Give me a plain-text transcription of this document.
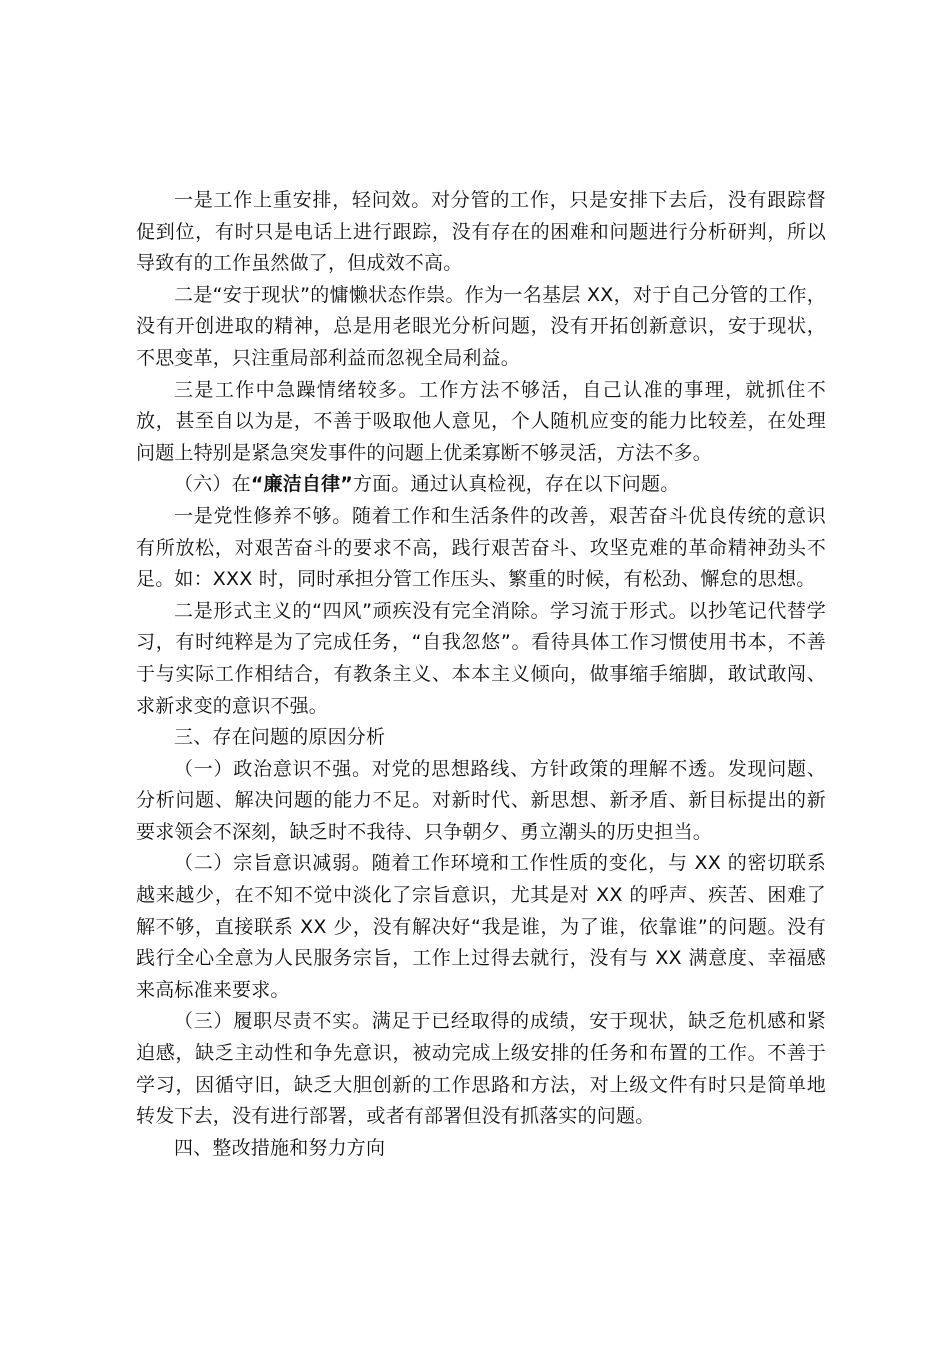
一是工作上重安排，轻问效。对分管的工作，只是安排下去后，没有跟踪督促到位，有时只是电话上进行跟踪，没有存在的困难和问题进行分析研判，所以导致有的工作虽然做了，但成效不高。

二是“安于现状”的慵懒状态作祟。作为一名基层 XX，对于自己分管的工作，没有开创进取的精神，总是用老眼光分析问题，没有开拓创新意识，安于现状，不思变革，只注重局部利益而忽视全局利益。

三是工作中急躁情绪较多。工作方法不够活，自己认准的事理，就抓住不放，甚至自以为是，不善于吸取他人意见，个人随机应变的能力比较差，在处理问题上特别是紧急突发事件的问题上优柔寡断不够灵活，方法不多。

（六）在“廉洁自律”方面。通过认真检视，存在以下问题。

一是党性修养不够。随着工作和生活条件的改善，艰苦奋斗优良传统的意识有所放松，对艰苦奋斗的要求不高，践行艰苦奋斗、攻坚克难的革命精神劲头不足。如：XXX 时，同时承担分管工作压头、繁重的时候，有松劲、懈怠的思想。

二是形式主义的“四风”顽疾没有完全消除。学习流于形式。以抄笔记代替学习，有时纯粹是为了完成任务，“自我忽悠”。看待具体工作习惯使用书本，不善于与实际工作相结合，有教条主义、本本主义倾向，做事缩手缩脚，敢试敢闯、求新求变的意识不强。

三、存在问题的原因分析

（一）政治意识不强。对党的思想路线、方针政策的理解不透。发现问题、分析问题、解决问题的能力不足。对新时代、新思想、新矛盾、新目标提出的新要求领会不深刻，缺乏时不我待、只争朝夕、勇立潮头的历史担当。

（二）宗旨意识减弱。随着工作环境和工作性质的变化，与 XX 的密切联系越来越少，在不知不觉中淡化了宗旨意识，尤其是对 XX 的呼声、疾苦、困难了解不够，直接联系 XX 少，没有解决好“我是谁，为了谁，依靠谁”的问题。没有践行全心全意为人民服务宗旨，工作上过得去就行，没有与 XX 满意度、幸福感来高标准来要求。

（三）履职尽责不实。满足于已经取得的成绩，安于现状，缺乏危机感和紧迫感，缺乏主动性和争先意识，被动完成上级安排的任务和布置的工作。不善于学习，因循守旧，缺乏大胆创新的工作思路和方法，对上级文件有时只是简单地转发下去，没有进行部署，或者有部署但没有抓落实的问题。

四、整改措施和努力方向
